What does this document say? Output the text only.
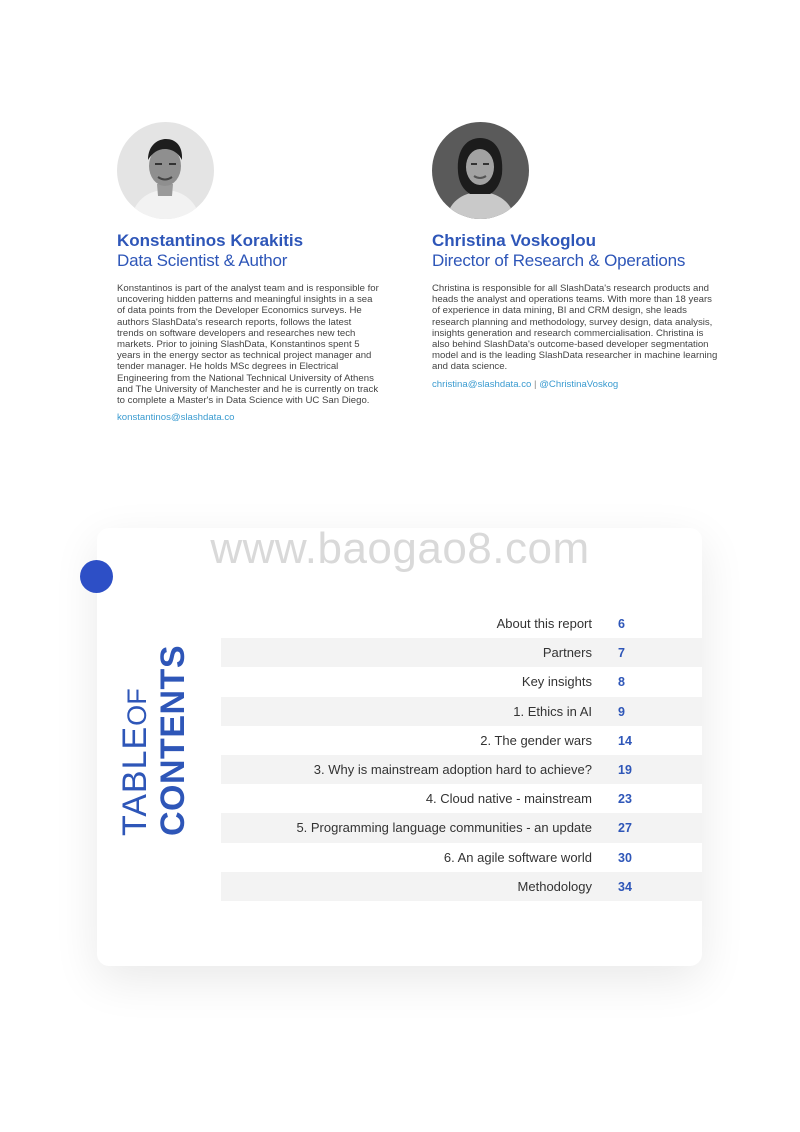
Konstantinos Korakitis
Data Scientist & Author
Konstantinos is part of the analyst team and is responsible for uncovering hidden patterns and meaningful insights in a sea of data points from the Developer Economics surveys. He authors SlashData's research reports, follows the latest trends on software developers and researches new tech markets. Prior to joining SlashData, Konstantinos spent 5 years in the energy sector as technical project manager and tender manager. He holds MSc degrees in Electrical Engineering from the National Technical University of Athens and The University of Manchester and he is currently on track to complete a Master's in Data Science with UC San Diego.
konstantinos@slashdata.co
Christina Voskoglou
Director of Research & Operations
Christina is responsible for all SlashData's research products and heads the analyst and operations teams. With more than 18 years of experience in data mining, BI and CRM design, she leads research planning and methodology, survey design, data analysis, insights generation and research commercialisation. Christina is also behind SlashData's outcome-based developer segmentation model and is the leading SlashData researcher in machine learning and data science.
christina@slashdata.co | @ChristinaVoskog
www.baogao8.com
TABLEOF CONTENTS
About this report 6
Partners 7
Key insights 8
1. Ethics in AI 9
2. The gender wars 14
3. Why is mainstream adoption hard to achieve? 19
4. Cloud native - mainstream 23
5. Programming language communities - an update 27
6. An agile software world 30
Methodology 34
